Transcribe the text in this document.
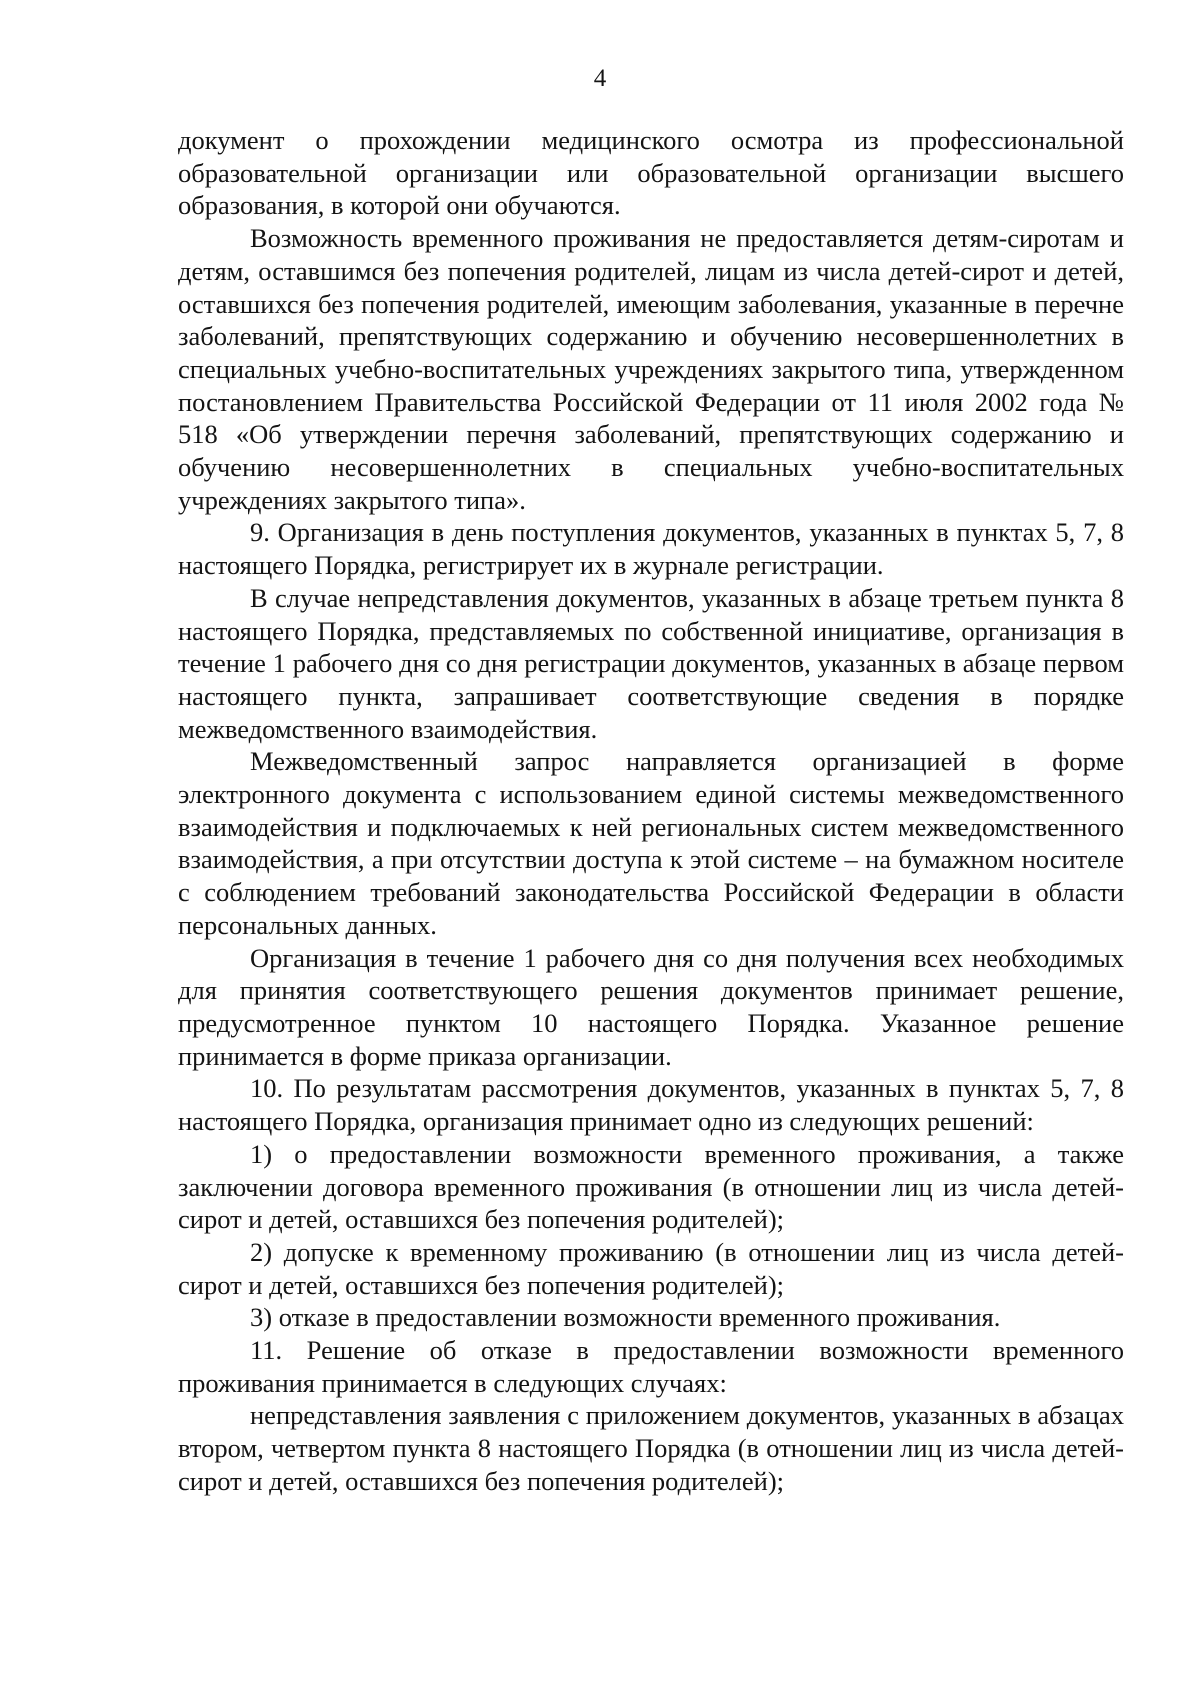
4

документ о прохождении медицинского осмотра из профессиональной образовательной организации или образовательной организации высшего образования, в которой они обучаются.

Возможность временного проживания не предоставляется детям-сиротам и детям, оставшимся без попечения родителей, лицам из числа детей-сирот и детей, оставшихся без попечения родителей, имеющим заболевания, указанные в перечне заболеваний, препятствующих содержанию и обучению несовершеннолетних в специальных учебно-воспитательных учреждениях закрытого типа, утвержденном постановлением Правительства Российской Федерации от 11 июля 2002 года № 518 «Об утверждении перечня заболеваний, препятствующих содержанию и обучению несовершеннолетних в специальных учебно-воспитательных учреждениях закрытого типа».

9. Организация в день поступления документов, указанных в пунктах 5, 7, 8 настоящего Порядка, регистрирует их в журнале регистрации.

В случае непредставления документов, указанных в абзаце третьем пункта 8 настоящего Порядка, представляемых по собственной инициативе, организация в течение 1 рабочего дня со дня регистрации документов, указанных в абзаце первом настоящего пункта, запрашивает соответствующие сведения в порядке межведомственного взаимодействия.

Межведомственный запрос направляется организацией в форме электронного документа с использованием единой системы межведомственного взаимодействия и подключаемых к ней региональных систем межведомственного взаимодействия, а при отсутствии доступа к этой системе – на бумажном носителе с соблюдением требований законодательства Российской Федерации в области персональных данных.

Организация в течение 1 рабочего дня со дня получения всех необходимых для принятия соответствующего решения документов принимает решение, предусмотренное пунктом 10 настоящего Порядка. Указанное решение принимается в форме приказа организации.

10. По результатам рассмотрения документов, указанных в пунктах 5, 7, 8 настоящего Порядка, организация принимает одно из следующих решений:

1) о предоставлении возможности временного проживания, а также заключении договора временного проживания (в отношении лиц из числа детей-сирот и детей, оставшихся без попечения родителей);

2) допуске к временному проживанию (в отношении лиц из числа детей-сирот и детей, оставшихся без попечения родителей);

3) отказе в предоставлении возможности временного проживания.

11. Решение об отказе в предоставлении возможности временного проживания принимается в следующих случаях:

непредставления заявления с приложением документов, указанных в абзацах втором, четвертом пункта 8 настоящего Порядка (в отношении лиц из числа детей-сирот и детей, оставшихся без попечения родителей);
